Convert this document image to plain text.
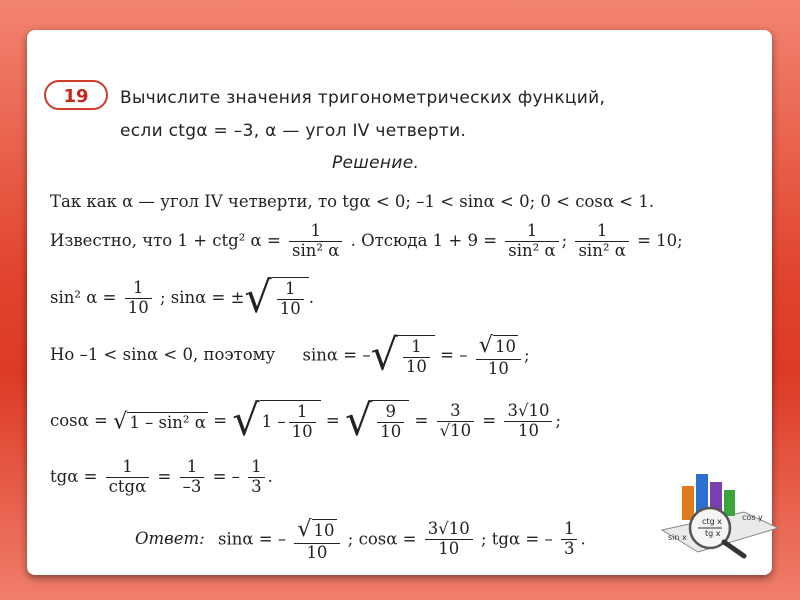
19	Вычислите значения тригонометрических функций,
если ctgα = –3, α — угол IV четверти.
Решение.
Так как α — угол IV четверти, то tgα < 0; –1 < sinα < 0; 0 < cosα < 1.
Известно, что 1 + ctg² $\alpha = \frac{1}{\text{sin² α}}$ . Отсюда $1 + 9 = \frac{1}{\text{sin² α}}$ ; $\frac{1}{\text{sin² α}} = 10$;
sin² $\alpha = \frac{1}{10}$ ; sinα = ±√ $\frac{1}{10}$ .
Но –1 < sinα < 0, поэтому sinα = –√ $\frac{1}{10}$ = – $\frac{√ 10}{10}$ ;
cosα = √ 1 – sin² α = √ $1 - \frac{1}{10}$ = √ $\frac{9}{10} = \frac{3}{√10} = \frac{3√10}{10}$ ;
$tg\alpha = \frac{1}{\text{ctgα}} = \frac{1}{-3}$ = – $\frac{1}{3}$ .
Ответ: sinα = – $\frac{√ 10}{10}$ ; $\cos\alpha = \frac{3√10}{10}$ ; tgα = – $\frac{1}{3}$ .
ctg x
tg x
sin x
cos y
